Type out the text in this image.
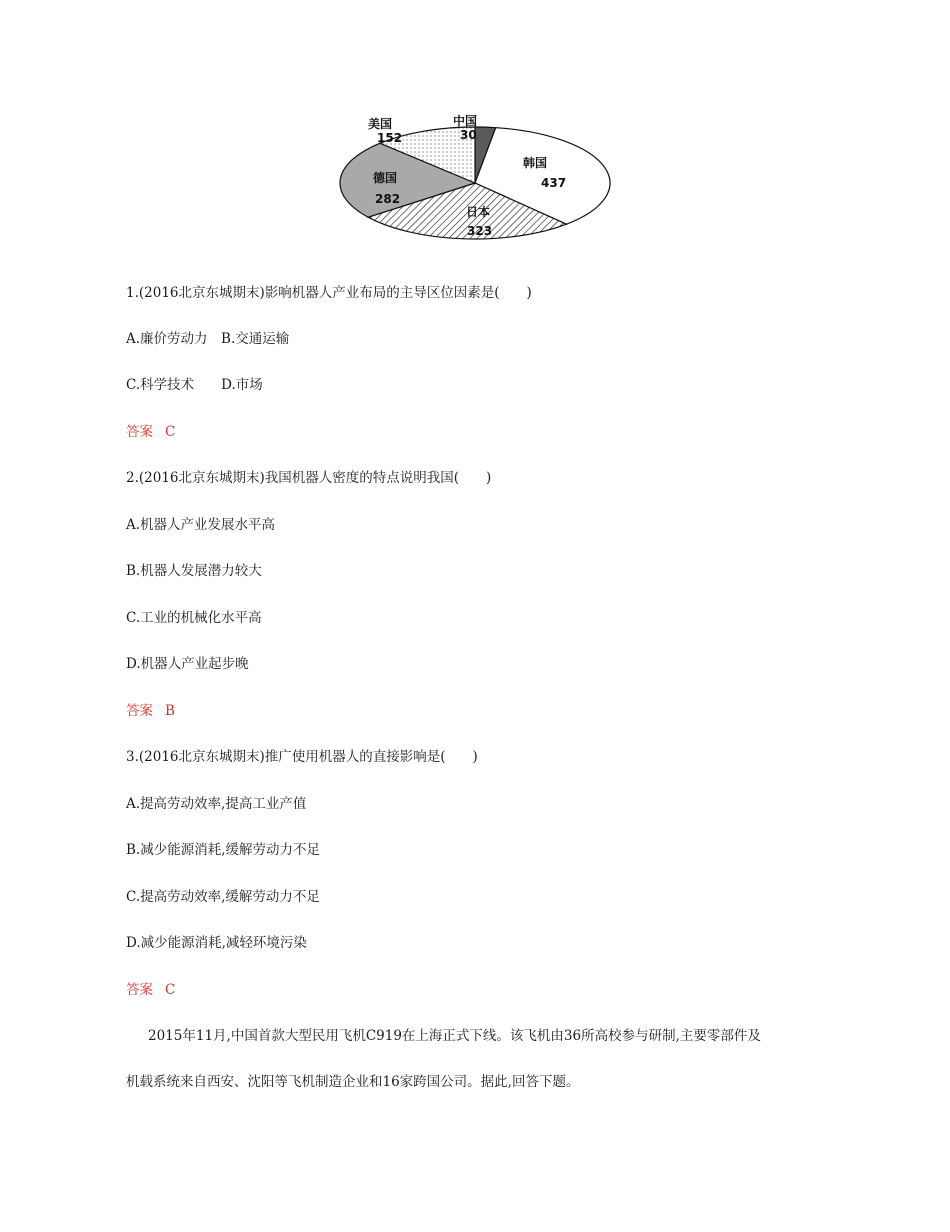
美国
152
中国
30
韩国
437
德国
282
日本
323
1.(2016北京东城期末)影响机器人产业布局的主导区位因素是(　　)
A.廉价劳动力　B.交通运输
C.科学技术　　D.市场
答案 C
2.(2016北京东城期末)我国机器人密度的特点说明我国(　　)
A.机器人产业发展水平高
B.机器人发展潜力较大
C.工业的机械化水平高
D.机器人产业起步晚
答案 B
3.(2016北京东城期末)推广使用机器人的直接影响是(　　)
A.提高劳动效率,提高工业产值
B.减少能源消耗,缓解劳动力不足
C.提高劳动效率,缓解劳动力不足
D.减少能源消耗,减轻环境污染
答案 C
2015年11月,中国首款大型民用飞机C919在上海正式下线。该飞机由36所高校参与研制,主要零部件及
机载系统来自西安、沈阳等飞机制造企业和16家跨国公司。据此,回答下题。
